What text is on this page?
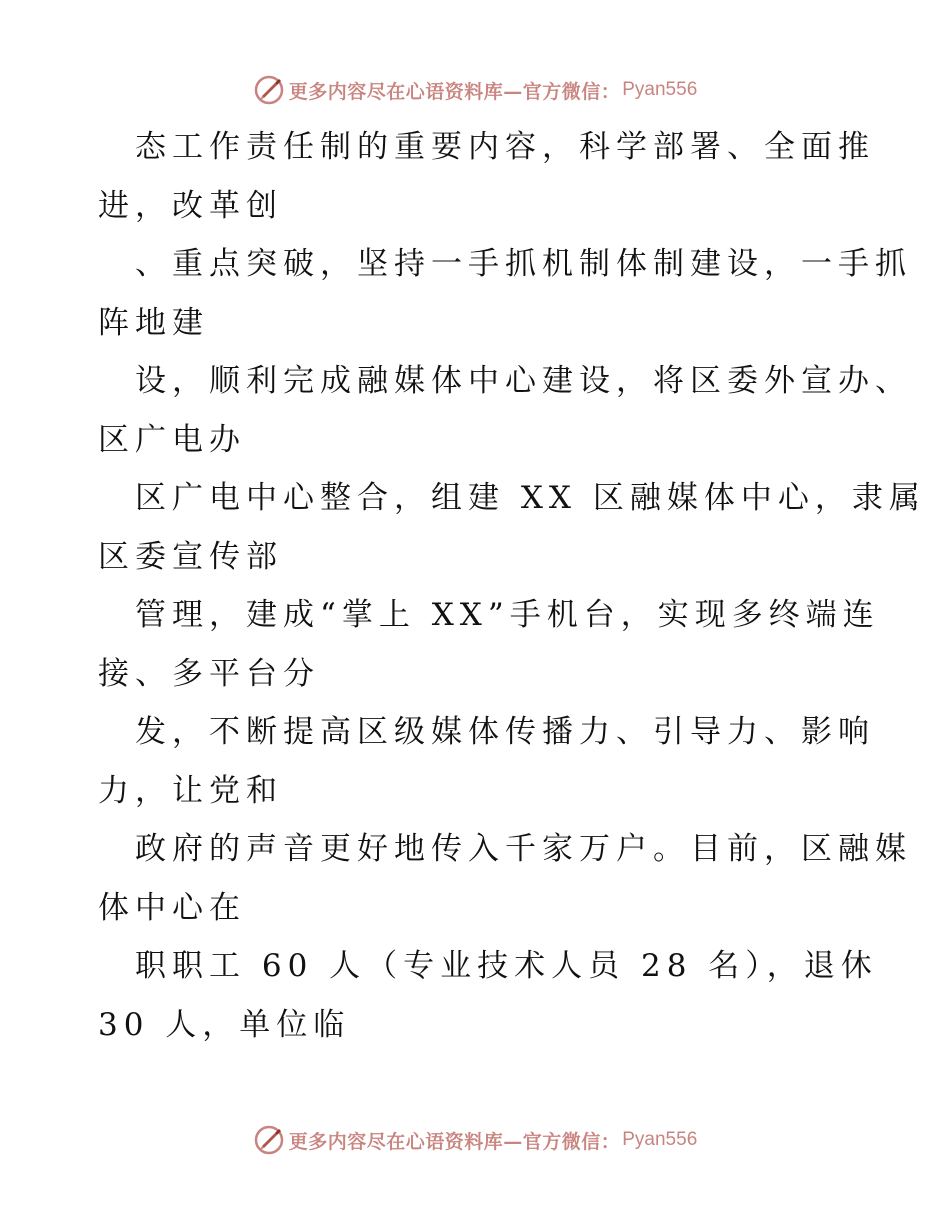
更多内容尽在心语资料库—官方微信： Pyan556
态工作责任制的重要内容，科学部署、全面推
进，改革创
、重点突破，坚持一手抓机制体制建设，一手抓
阵地建
设，顺利完成融媒体中心建设，将区委外宣办、
区广电办
区广电中心整合，组建 XX 区融媒体中心，隶属
区委宣传部
管理，建成“掌上 XX”手机台，实现多终端连
接、多平台分
发，不断提高区级媒体传播力、引导力、影响
力，让党和
政府的声音更好地传入千家万户。目前，区融媒
体中心在
职职工 60 人（专业技术人员 28 名），退休
30 人，单位临
更多内容尽在心语资料库—官方微信： Pyan556
